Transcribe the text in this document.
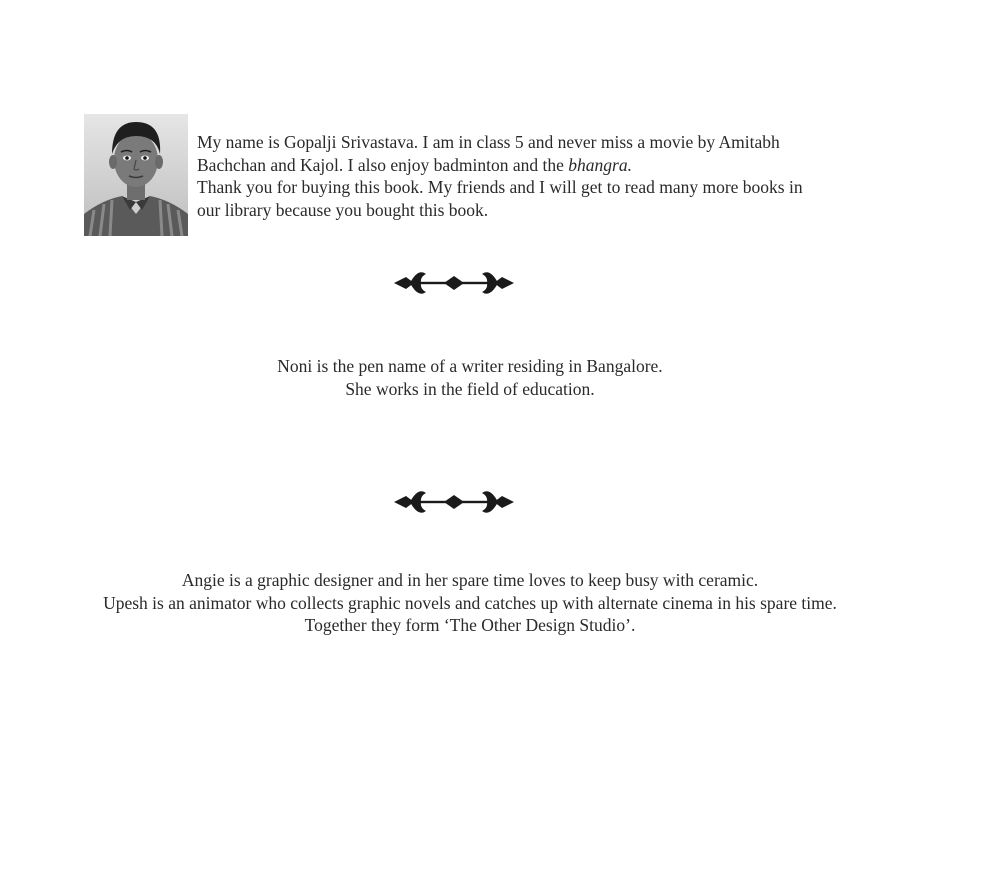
My name is Gopalji Srivastava. I am in class 5 and never miss a movie by Amitabh

Bachchan and Kajol. I also enjoy badminton and the bhangra.

Thank you for buying this book. My friends and I will get to read many more books in

our library because you bought this book.

Noni is the pen name of a writer residing in Bangalore.

She works in the field of education.

Angie is a graphic designer and in her spare time loves to keep busy with ceramic.

Upesh is an animator who collects graphic novels and catches up with alternate cinema in his spare time.

Together they form ‘The Other Design Studio’.
